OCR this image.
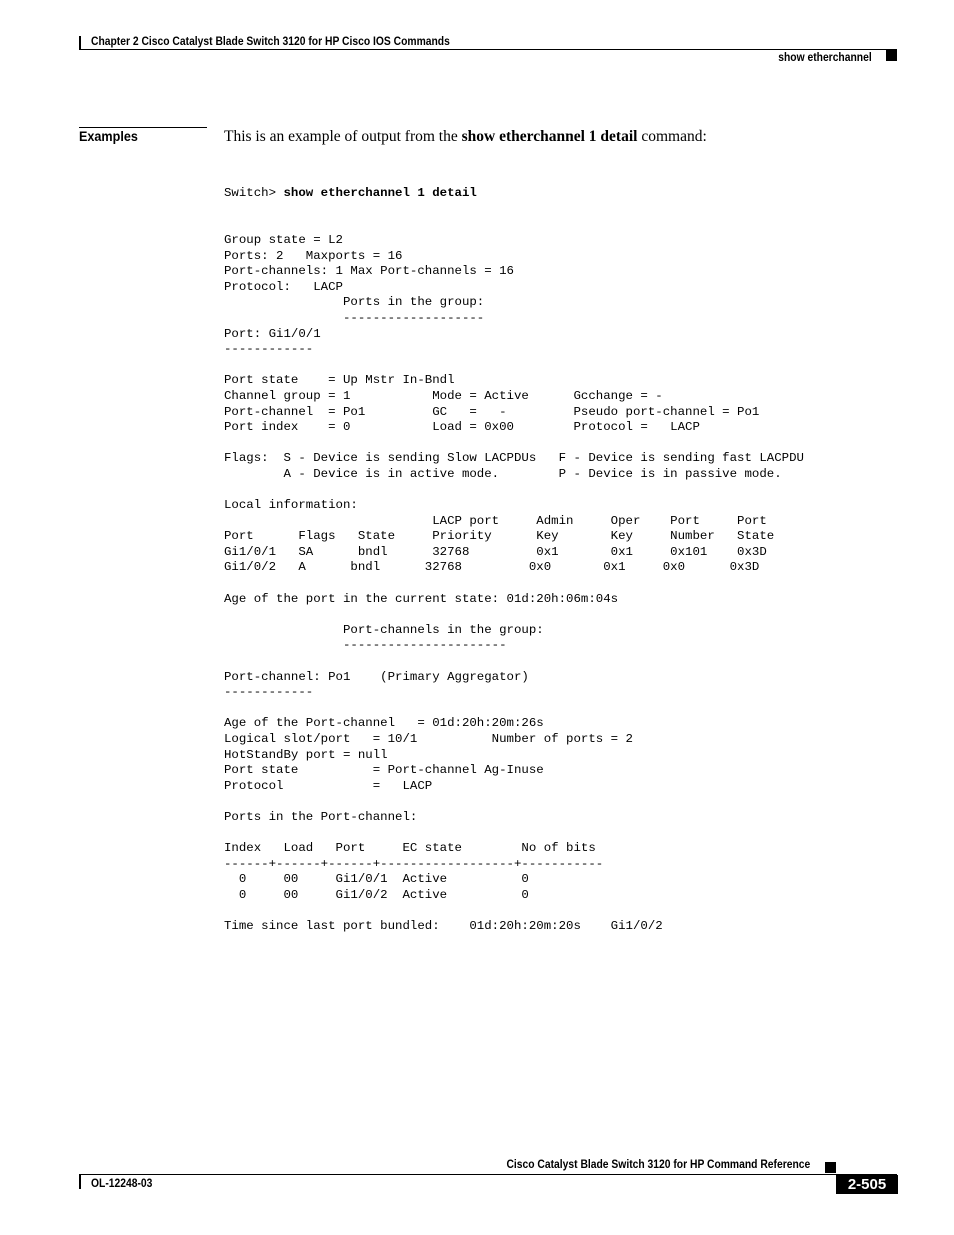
Chapter 2 Cisco Catalyst Blade Switch 3120 for HP Cisco IOS Commands
show etherchannel
Examples	This is an example of output from the show etherchannel 1 detail command:

Switch> show etherchannel 1 detail

Group state = L2
Ports: 2   Maxports = 16
Port-channels: 1 Max Port-channels = 16
Protocol:   LACP
Ports in the group:
-------------------
Port: Gi1/0/1
------------
Port state    = Up Mstr In-Bndl
Channel group = 1           Mode = Active      Gcchange = -
Port-channel  = Po1         GC   =   -         Pseudo port-channel = Po1
Port index    = 0           Load = 0x00        Protocol =   LACP
Flags:  S - Device is sending Slow LACPDUs   F - Device is sending fast LACPDU
A - Device is in active mode.        P - Device is in passive mode.
Local information:
LACP port     Admin     Oper    Port     Port
Port      Flags   State     Priority      Key       Key     Number   State
Gi1/0/1   SA      bndl      32768         0x1       0x1     0x101    0x3D
Gi1/0/2   A      bndl      32768         0x0       0x1     0x0      0x3D
Age of the port in the current state: 01d:20h:06m:04s
Port-channels in the group:
----------------------
Port-channel: Po1    (Primary Aggregator)
------------
Age of the Port-channel   = 01d:20h:20m:26s
Logical slot/port   = 10/1          Number of ports = 2
HotStandBy port = null
Port state          = Port-channel Ag-Inuse
Protocol            =   LACP
Ports in the Port-channel:
Index   Load   Port     EC state        No of bits
------+------+------+------------------+-----------
0     00     Gi1/0/1  Active          0
0     00     Gi1/0/2  Active          0
Time since last port bundled:    01d:20h:20m:20s    Gi1/0/2

Cisco Catalyst Blade Switch 3120 for HP Command Reference
OL-12248-03	2-505
